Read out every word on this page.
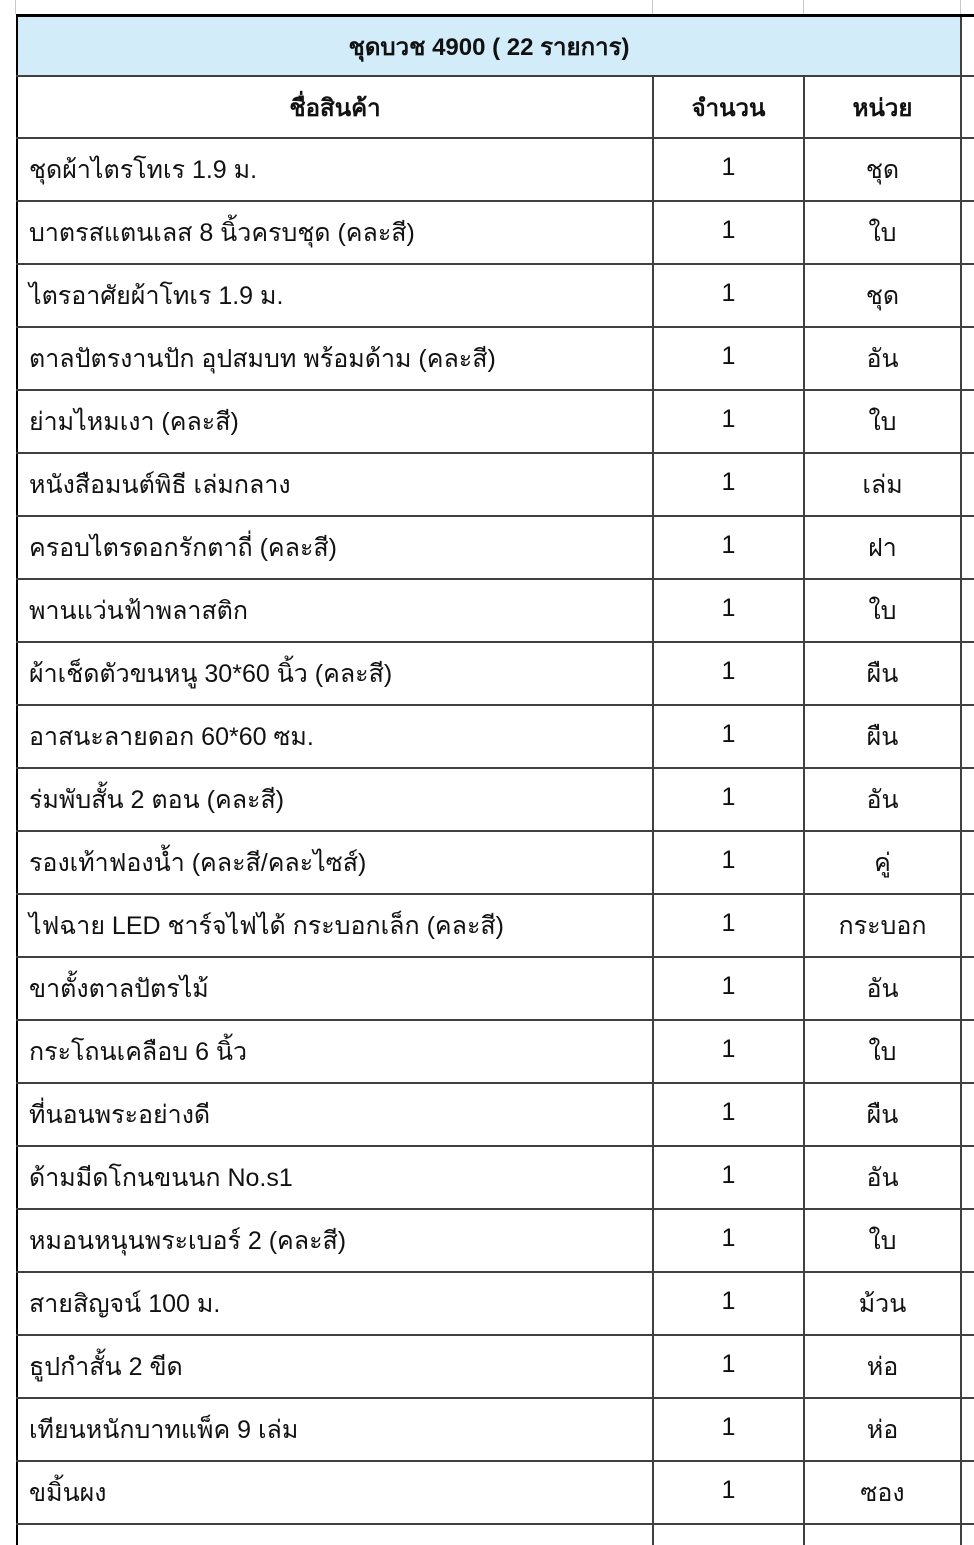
ชุดบวช 4900 ( 22 รายการ)			
ชื่อสินค้า	จำนวน	หน่วย	
ชุดผ้าไตรโทเร 1.9 ม.	1	ชุด	
บาตรสแตนเลส 8 นิ้วครบชุด (คละสี)	1	ใบ	
ไตรอาศัยผ้าโทเร 1.9 ม.	1	ชุด	
ตาลปัตรงานปัก อุปสมบท พร้อมด้าม (คละสี)	1	อัน	
ย่ามไหมเงา (คละสี)	1	ใบ	
หนังสือมนต์พิธี เล่มกลาง	1	เล่ม	
ครอบไตรดอกรักตาถี่ (คละสี)	1	ฝา	
พานแว่นฟ้าพลาสติก	1	ใบ	
ผ้าเช็ดตัวขนหนู 30*60 นิ้ว (คละสี)	1	ผืน	
อาสนะลายดอก 60*60 ซม.	1	ผืน	
ร่มพับสั้น 2 ตอน (คละสี)	1	อัน	
รองเท้าฟองน้ำ (คละสี/คละไซส์)	1	คู่	
ไฟฉาย LED ชาร์จไฟได้ กระบอกเล็ก (คละสี)	1	กระบอก	
ขาตั้งตาลปัตรไม้	1	อัน	
กระโถนเคลือบ 6 นิ้ว	1	ใบ	
ที่นอนพระอย่างดี	1	ผืน	
ด้ามมีดโกนขนนก No.s1	1	อัน	
หมอนหนุนพระเบอร์ 2 (คละสี)	1	ใบ	
สายสิญจน์ 100 ม.	1	ม้วน	
ธูปกำสั้น 2 ขีด	1	ห่อ	
เทียนหนักบาทแพ็ค 9 เล่ม	1	ห่อ	
ขมิ้นผง	1	ซอง	
